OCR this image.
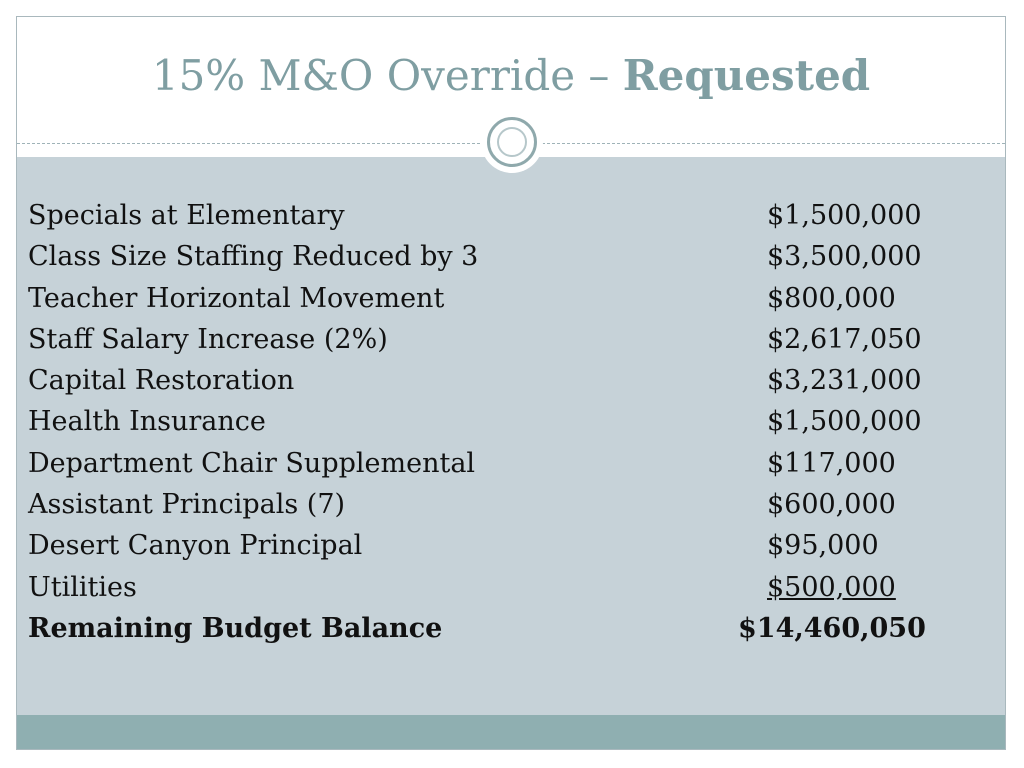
15% M&O Override – Requested
Specials at Elementary	$1,500,000
Class Size Staffing Reduced by 3	$3,500,000
Teacher Horizontal Movement	$800,000
Staff Salary Increase (2%)	$2,617,050
Capital Restoration	$3,231,000
Health Insurance	$1,500,000
Department Chair Supplemental	$117,000
Assistant Principals (7)	$600,000
Desert Canyon Principal	$95,000
Utilities	$500,000
Remaining Budget Balance	$14,460,050
